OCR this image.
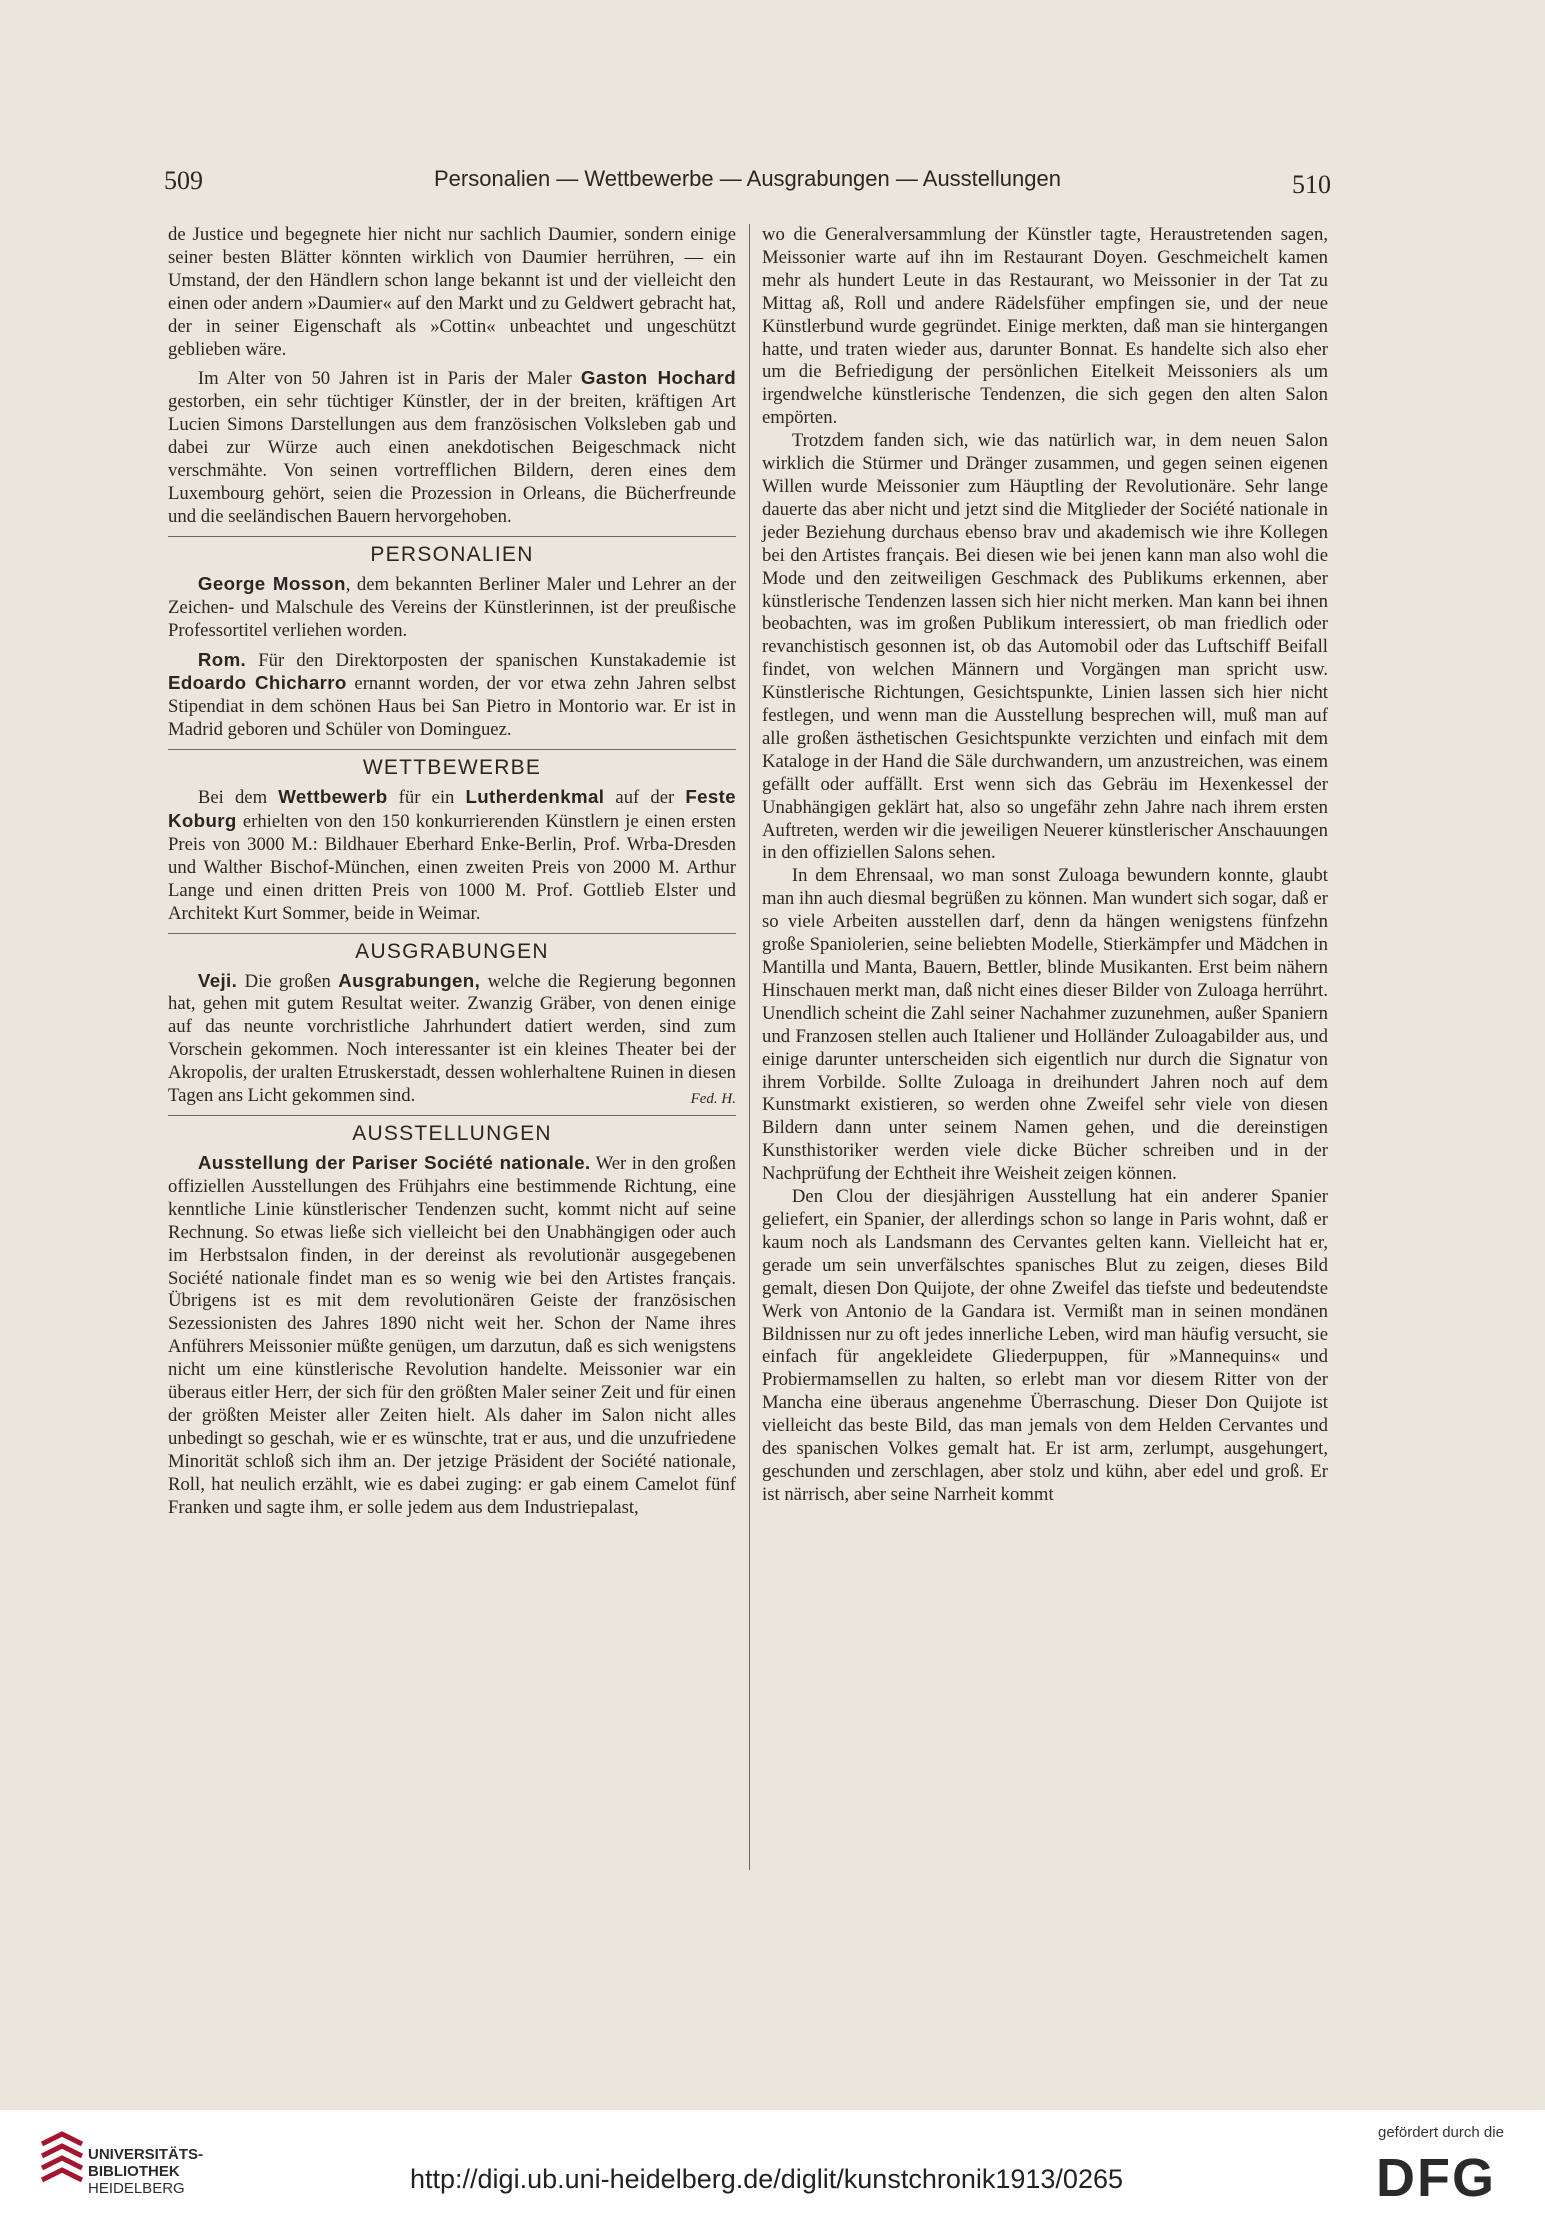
509	Personalien — Wettbewerbe — Ausgrabungen — Ausstellungen	510

de Justice und begegnete hier nicht nur sachlich Daumier, sondern einige seiner besten Blätter könnten wirklich von Daumier herrühren, — ein Umstand, der den Händlern schon lange bekannt ist und der vielleicht den einen oder andern »Daumier« auf den Markt und zu Geldwert gebracht hat, der in seiner Eigenschaft als »Cottin« unbeachtet und ungeschützt geblieben wäre.

Im Alter von 50 Jahren ist in Paris der Maler Gaston Hochard gestorben, ein sehr tüchtiger Künstler, der in der breiten, kräftigen Art Lucien Simons Darstellungen aus dem französischen Volksleben gab und dabei zur Würze auch einen anekdotischen Beigeschmack nicht verschmähte. Von seinen vortrefflichen Bildern, deren eines dem Luxembourg gehört, seien die Prozession in Orleans, die Bücherfreunde und die seeländischen Bauern hervorgehoben.

PERSONALIEN

George Mosson, dem bekannten Berliner Maler und Lehrer an der Zeichen- und Malschule des Vereins der Künstlerinnen, ist der preußische Professortitel verliehen worden.

Rom. Für den Direktorposten der spanischen Kunstakademie ist Edoardo Chicharro ernannt worden, der vor etwa zehn Jahren selbst Stipendiat in dem schönen Haus bei San Pietro in Montorio war. Er ist in Madrid geboren und Schüler von Dominguez.

WETTBEWERBE

Bei dem Wettbewerb für ein Lutherdenkmal auf der Feste Koburg erhielten von den 150 konkurrierenden Künstlern je einen ersten Preis von 3000 M.: Bildhauer Eberhard Enke-Berlin, Prof. Wrba-Dresden und Walther Bischof-München, einen zweiten Preis von 2000 M. Arthur Lange und einen dritten Preis von 1000 M. Prof. Gottlieb Elster und Architekt Kurt Sommer, beide in Weimar.

AUSGRABUNGEN

Veji. Die großen Ausgrabungen, welche die Regierung begonnen hat, gehen mit gutem Resultat weiter. Zwanzig Gräber, von denen einige auf das neunte vorchristliche Jahrhundert datiert werden, sind zum Vorschein gekommen. Noch interessanter ist ein kleines Theater bei der Akropolis, der uralten Etruskerstadt, dessen wohlerhaltene Ruinen in diesen Tagen ans Licht gekommen sind.	Fed. H.

AUSSTELLUNGEN

Ausstellung der Pariser Société nationale. Wer in den großen offiziellen Ausstellungen des Frühjahrs eine bestimmende Richtung, eine kenntliche Linie künstlerischer Tendenzen sucht, kommt nicht auf seine Rechnung. So etwas ließe sich vielleicht bei den Unabhängigen oder auch im Herbstsalon finden, in der dereinst als revolutionär ausgegebenen Société nationale findet man es so wenig wie bei den Artistes français. Übrigens ist es mit dem revolutionären Geiste der französischen Sezessionisten des Jahres 1890 nicht weit her. Schon der Name ihres Anführers Meissonier müßte genügen, um darzutun, daß es sich wenigstens nicht um eine künstlerische Revolution handelte. Meissonier war ein überaus eitler Herr, der sich für den größten Maler seiner Zeit und für einen der größten Meister aller Zeiten hielt. Als daher im Salon nicht alles unbedingt so geschah, wie er es wünschte, trat er aus, und die unzufriedene Minorität schloß sich ihm an. Der jetzige Präsident der Société nationale, Roll, hat neulich erzählt, wie es dabei zuging: er gab einem Camelot fünf Franken und sagte ihm, er solle jedem aus dem Industriepalast,

wo die Generalversammlung der Künstler tagte, Heraustretenden sagen, Meissonier warte auf ihn im Restaurant Doyen. Geschmeichelt kamen mehr als hundert Leute in das Restaurant, wo Meissonier in der Tat zu Mittag aß, Roll und andere Rädelsfüher empfingen sie, und der neue Künstlerbund wurde gegründet. Einige merkten, daß man sie hintergangen hatte, und traten wieder aus, darunter Bonnat. Es handelte sich also eher um die Befriedigung der persönlichen Eitelkeit Meissoniers als um irgendwelche künstlerische Tendenzen, die sich gegen den alten Salon empörten.

Trotzdem fanden sich, wie das natürlich war, in dem neuen Salon wirklich die Stürmer und Dränger zusammen, und gegen seinen eigenen Willen wurde Meissonier zum Häuptling der Revolutionäre. Sehr lange dauerte das aber nicht und jetzt sind die Mitglieder der Société nationale in jeder Beziehung durchaus ebenso brav und akademisch wie ihre Kollegen bei den Artistes français. Bei diesen wie bei jenen kann man also wohl die Mode und den zeitweiligen Geschmack des Publikums erkennen, aber künstlerische Tendenzen lassen sich hier nicht merken. Man kann bei ihnen beobachten, was im großen Publikum interessiert, ob man friedlich oder revanchistisch gesonnen ist, ob das Automobil oder das Luftschiff Beifall findet, von welchen Männern und Vorgängen man spricht usw. Künstlerische Richtungen, Gesichtspunkte, Linien lassen sich hier nicht festlegen, und wenn man die Ausstellung besprechen will, muß man auf alle großen ästhetischen Gesichtspunkte verzichten und einfach mit dem Kataloge in der Hand die Säle durchwandern, um anzustreichen, was einem gefällt oder auffällt. Erst wenn sich das Gebräu im Hexenkessel der Unabhängigen geklärt hat, also so ungefähr zehn Jahre nach ihrem ersten Auftreten, werden wir die jeweiligen Neuerer künstlerischer Anschauungen in den offiziellen Salons sehen.

In dem Ehrensaal, wo man sonst Zuloaga bewundern konnte, glaubt man ihn auch diesmal begrüßen zu können. Man wundert sich sogar, daß er so viele Arbeiten ausstellen darf, denn da hängen wenigstens fünfzehn große Spaniolerien, seine beliebten Modelle, Stierkämpfer und Mädchen in Mantilla und Manta, Bauern, Bettler, blinde Musikanten. Erst beim nähern Hinschauen merkt man, daß nicht eines dieser Bilder von Zuloaga herrührt. Unendlich scheint die Zahl seiner Nachahmer zuzunehmen, außer Spaniern und Franzosen stellen auch Italiener und Holländer Zuloagabilder aus, und einige darunter unterscheiden sich eigentlich nur durch die Signatur von ihrem Vorbilde. Sollte Zuloaga in dreihundert Jahren noch auf dem Kunstmarkt existieren, so werden ohne Zweifel sehr viele von diesen Bildern dann unter seinem Namen gehen, und die dereinstigen Kunsthistoriker werden viele dicke Bücher schreiben und in der Nachprüfung der Echtheit ihre Weisheit zeigen können.

Den Clou der diesjährigen Ausstellung hat ein anderer Spanier geliefert, ein Spanier, der allerdings schon so lange in Paris wohnt, daß er kaum noch als Landsmann des Cervantes gelten kann. Vielleicht hat er, gerade um sein unverfälschtes spanisches Blut zu zeigen, dieses Bild gemalt, diesen Don Quijote, der ohne Zweifel das tiefste und bedeutendste Werk von Antonio de la Gandara ist. Vermißt man in seinen mondänen Bildnissen nur zu oft jedes innerliche Leben, wird man häufig versucht, sie einfach für angekleidete Gliederpuppen, für »Mannequins« und Probiermamsellen zu halten, so erlebt man vor diesem Ritter von der Mancha eine überaus angenehme Überraschung. Dieser Don Quijote ist vielleicht das beste Bild, das man jemals von dem Helden Cervantes und des spanischen Volkes gemalt hat. Er ist arm, zerlumpt, ausgehungert, geschunden und zerschlagen, aber stolz und kühn, aber edel und groß. Er ist närrisch, aber seine Narrheit kommt

UNIVERSITÄTS-
BIBLIOTHEK
HEIDELBERG	http://digi.ub.uni-heidelberg.de/diglit/kunstchronik1913/0265
gefördert durch die
DFG
